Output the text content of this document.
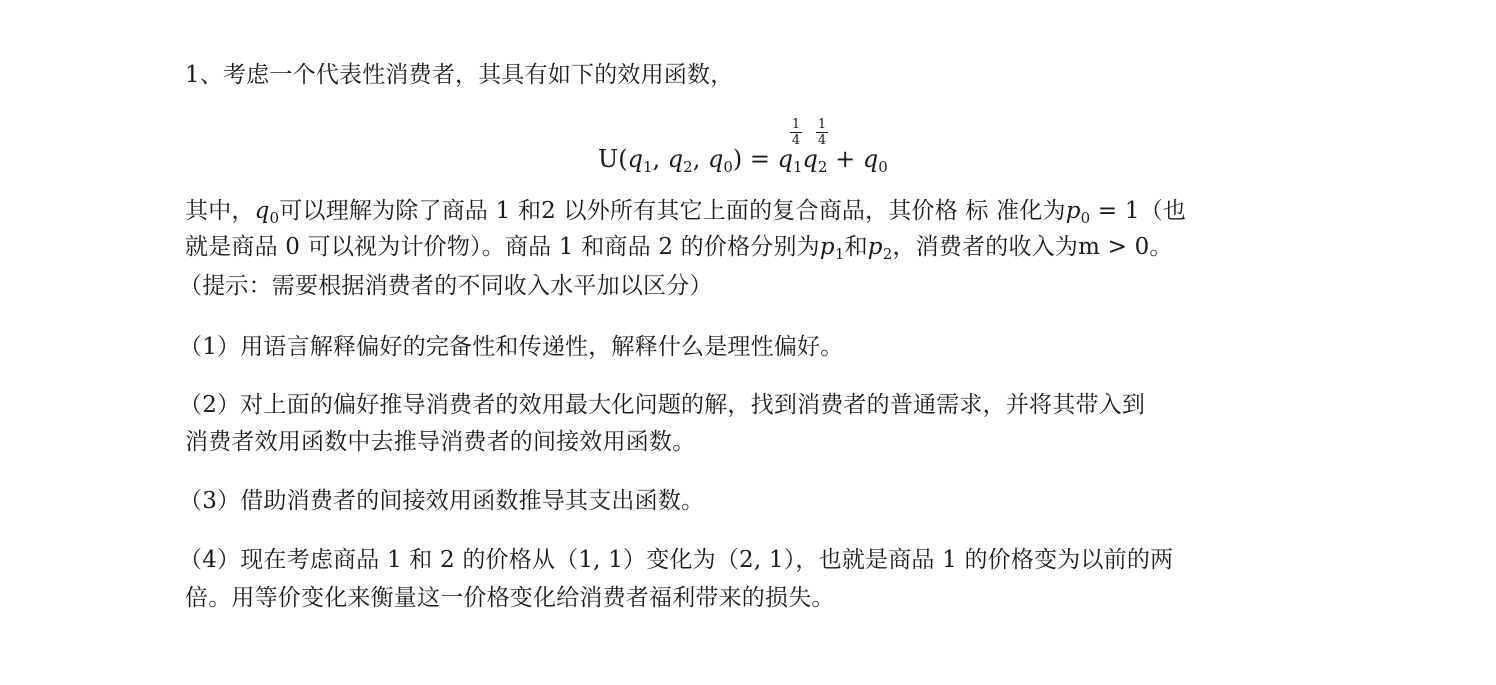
1、考虑一个代表性消费者，其具有如下的效用函数，
$U(q_1$, $q_2$, $q_0) = q_1q_2 + q_0$
1
4
1
4
其中，$q_0$可以理解为除了商品 1 和2 以外所有其它上面的复合商品，其价格 标 准化为$p_0 = 1$（也
就是商品 0 可以视为计价物）。商品 1 和商品 2 的价格分别为$p_1$和$p_2$，消费者的收入为m > 0。
（提示：需要根据消费者的不同收入水平加以区分）
（1）用语言解释偏好的完备性和传递性，解释什么是理性偏好。
（2）对上面的偏好推导消费者的效用最大化问题的解，找到消费者的普通需求，并将其带入到
消费者效用函数中去推导消费者的间接效用函数。
（3）借助消费者的间接效用函数推导其支出函数。
（4）现在考虑商品 1 和 2 的价格从（1, 1）变化为（2, 1），也就是商品 1 的价格变为以前的两
倍。用等价变化来衡量这一价格变化给消费者福利带来的损失。
